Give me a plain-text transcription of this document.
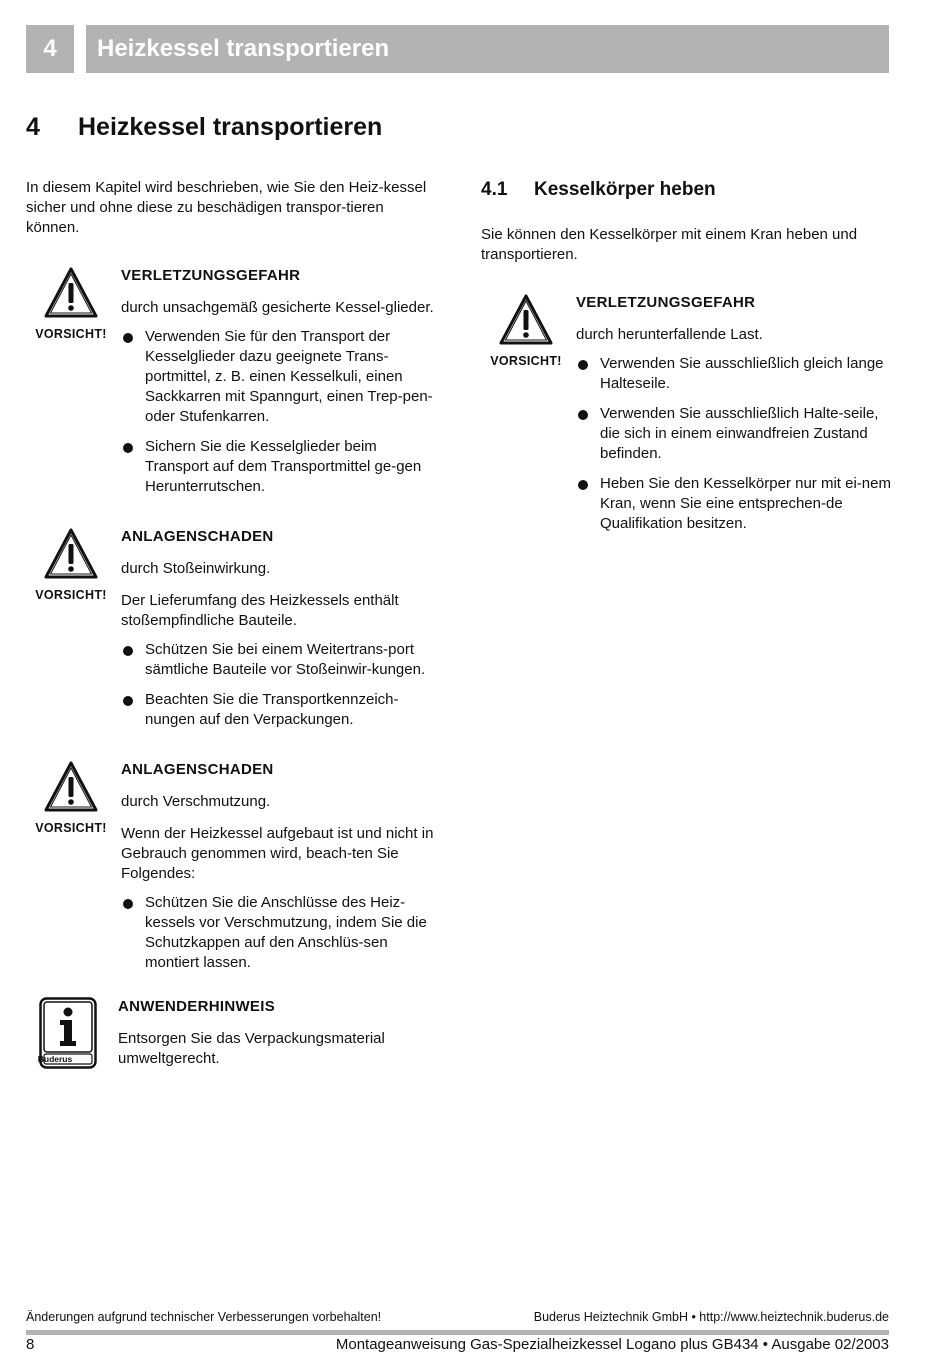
4	Heizkessel transportieren
4 Heizkessel transportieren

In diesem Kapitel wird beschrieben, wie Sie den Heiz-kessel sicher und ohne diese zu beschädigen transpor-tieren können.

VORSICHT!
VERLETZUNGSGEFAHR

durch unsachgemäß gesicherte Kessel-glieder.

Verwenden Sie für den Transport der Kesselglieder dazu geeignete Trans-portmittel, z. B. einen Kesselkuli, einen Sackkarren mit Spanngurt, einen Trep-pen- oder Stufenkarren.
Sichern Sie die Kesselglieder beim Transport auf dem Transportmittel ge-gen Herunterrutschen.
VORSICHT!
ANLAGENSCHADEN

durch Stoßeinwirkung.

Der Lieferumfang des Heizkessels enthält stoßempfindliche Bauteile.

Schützen Sie bei einem Weitertrans-port sämtliche Bauteile vor Stoßeinwir-kungen.
Beachten Sie die Transportkennzeich-nungen auf den Verpackungen.
VORSICHT!
ANLAGENSCHADEN

durch Verschmutzung.

Wenn der Heizkessel aufgebaut ist und nicht in Gebrauch genommen wird, beach-ten Sie Folgendes:

Schützen Sie die Anschlüsse des Heiz-kessels vor Verschmutzung, indem Sie die Schutzkappen auf den Anschlüs-sen montiert lassen.
Buderus
ANWENDERHINWEIS

Entsorgen Sie das Verpackungsmaterial umweltgerecht.

4.1 Kesselkörper heben

Sie können den Kesselkörper mit einem Kran heben und transportieren.

VORSICHT!
VERLETZUNGSGEFAHR

durch herunterfallende Last.

Verwenden Sie ausschließlich gleich lange Halteseile.
Verwenden Sie ausschließlich Halte-seile, die sich in einem einwandfreien Zustand befinden.
Heben Sie den Kesselkörper nur mit ei-nem Kran, wenn Sie eine entsprechen-de Qualifikation besitzen.
Änderungen aufgrund technischer Verbesserungen vorbehalten!	Buderus Heiztechnik GmbH • http://www.heiztechnik.buderus.de
8	Montageanweisung Gas-Spezialheizkessel Logano plus GB434 • Ausgabe 02/2003
